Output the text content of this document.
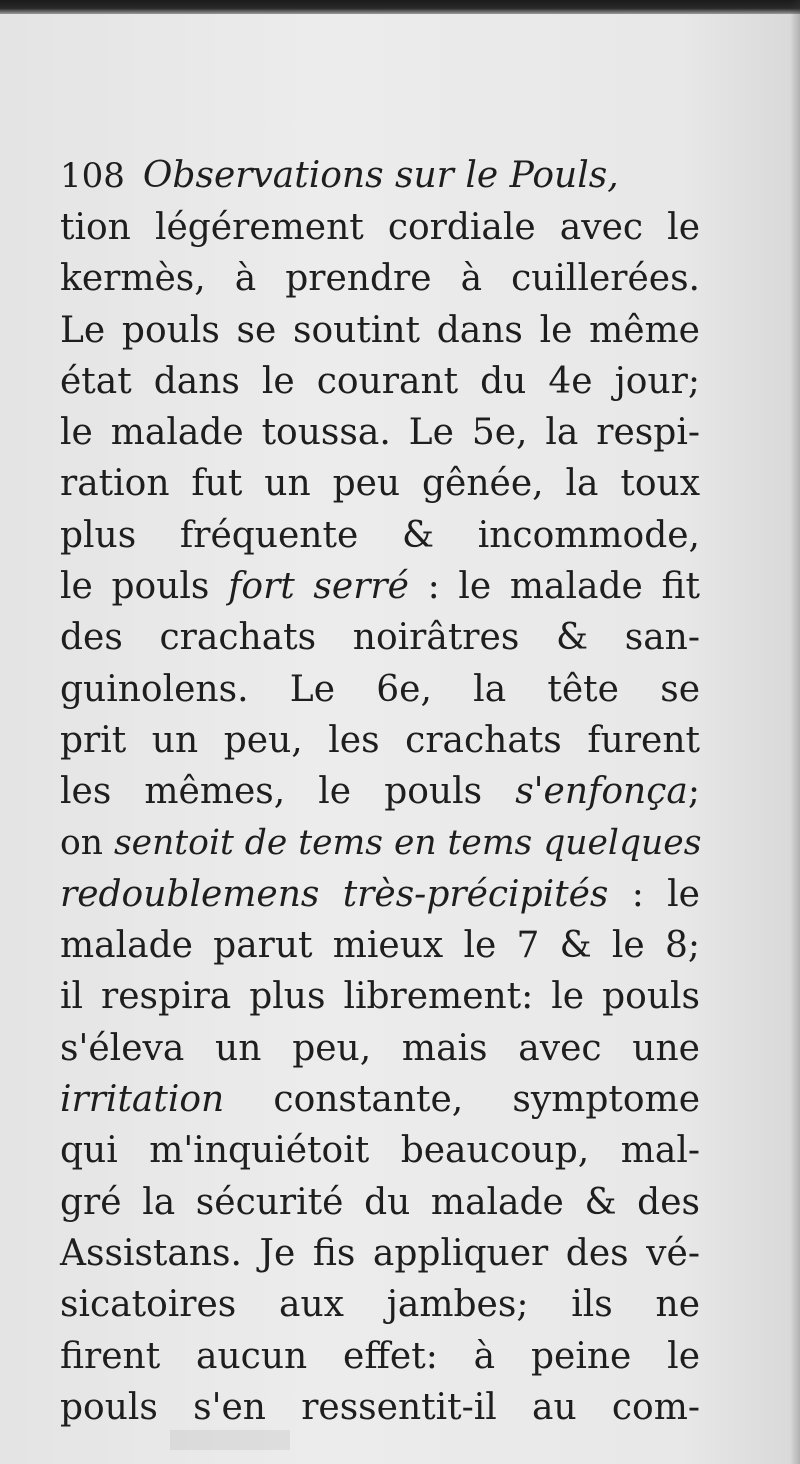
108 Observations sur le Pouls,
tion légérement cordiale avec le
kermès, à prendre à cuillerées.
Le pouls se soutint dans le même
état dans le courant du 4e jour;
le malade toussa. Le 5e, la respi-
ration fut un peu gênée, la toux
plus fréquente & incommode,
le pouls fort serré : le malade fit
des crachats noirâtres & san-
guinolens. Le 6e, la tête se
prit un peu, les crachats furent
les mêmes, le pouls s'enfonça;
on sentoit de tems en tems quelques
redoublemens très-précipités : le
malade parut mieux le 7 & le 8;
il respira plus librement: le pouls
s'éleva un peu, mais avec une
irritation constante, symptome
qui m'inquiétoit beaucoup, mal-
gré la sécurité du malade & des
Assistans. Je fis appliquer des vé-
sicatoires aux jambes; ils ne
firent aucun effet: à peine le
pouls s'en ressentit-il au com-
